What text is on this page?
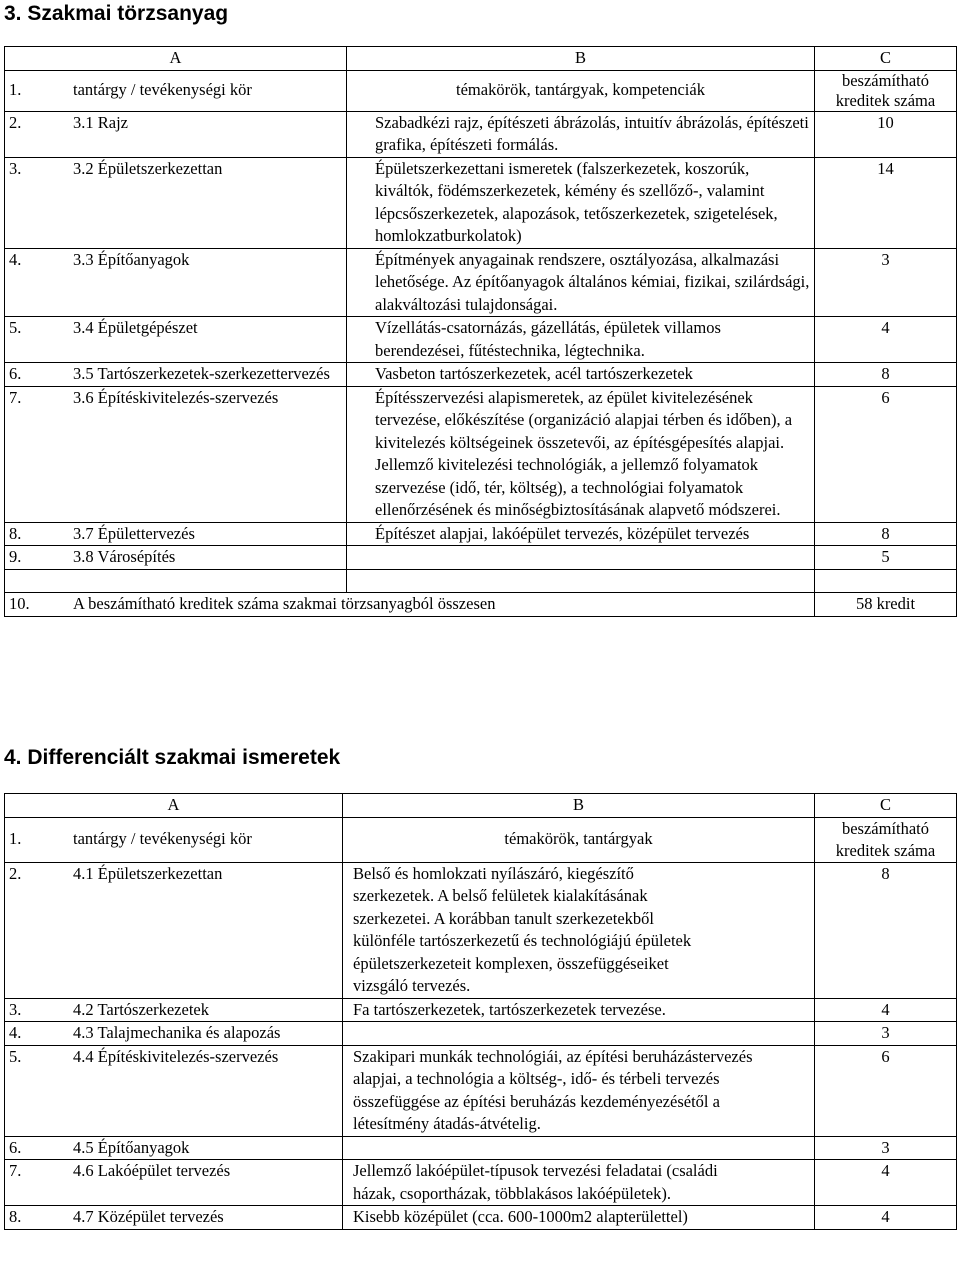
3. Szakmai törzsanyag
A	B	C
1. tantárgy / tevékenységi kör	témakörök, tantárgyak, kompetenciák	beszámítható
kreditek száma

2. 3.1 Rajz	Szabadkézi rajz, építészeti ábrázolás, intuitív ábrázolás, építészeti grafika, építészeti formálás.	10
3. 3.2 Épületszerkezettan	Épületszerkezettani ismeretek (falszerkezetek, koszorúk, kiváltók, födémszerkezetek, kémény és szellőző-, valamint lépcsőszerkezetek, alapozások, tetőszerkezetek, szigetelések, homlokzatburkolatok)	14
4. 3.3 Építőanyagok	Építmények anyagainak rendszere, osztályozása, alkalmazási lehetősége. Az építőanyagok általános kémiai, fizikai, szilárdsági, alakváltozási tulajdonságai.	3
5. 3.4 Épületgépészet	Vízellátás-csatornázás, gázellátás, épületek villamos berendezései, fűtéstechnika, légtechnika.	4
6. 3.5 Tartószerkezetek-szerkezettervezés	Vasbeton tartószerkezetek, acél tartószerkezetek	8
7. 3.6 Építéskivitelezés-szervezés	Építésszervezési alapismeretek, az épület kivitelezésének tervezése, előkészítése (organizáció alapjai térben és időben), a kivitelezés költségeinek összetevői, az építésgépesítés alapjai. Jellemző kivitelezési technológiák, a jellemző folyamatok szervezése (idő, tér, költség), a technológiai folyamatok ellenőrzésének és minőségbiztosításának alapvető módszerei.	6
8. 3.7 Épülettervezés	Építészet alapjai, lakóépület tervezés, középület tervezés	8
9. 3.8 Városépítés		5

10. A beszámítható kreditek száma szakmai törzsanyagból összesen		58 kredit
4. Differenciált szakmai ismeretek
A	B	C
1. tantárgy / tevékenységi kör	témakörök, tantárgyak	beszámítható
kreditek száma

2. 4.1 Épületszerkezettan	Belső és homlokzati nyílászáró, kiegészítő szerkezetek. A belső felületek kialakításának szerkezetei. A korábban tanult szerkezetekből különféle tartószerkezetű és technológiájú épületek épületszerkezeteit komplexen, összefüggéseiket vizsgáló tervezés.	8
3. 4.2 Tartószerkezetek	Fa tartószerkezetek, tartószerkezetek tervezése.	4
4. 4.3 Talajmechanika és alapozás		3
5. 4.4 Építéskivitelezés-szervezés	Szakipari munkák technológiái, az építési beruházástervezés alapjai, a technológia a költség-, idő- és térbeli tervezés összefüggése az építési beruházás kezdeményezésétől a létesítmény átadás-átvételig.	6
6. 4.5 Építőanyagok		3
7. 4.6 Lakóépület tervezés	Jellemző lakóépület-típusok tervezési feladatai (családi házak, csoportházak, többlakásos lakóépületek).	4
8. 4.7 Középület tervezés	Kisebb középület (cca. 600-1000m2 alapterülettel)	4
